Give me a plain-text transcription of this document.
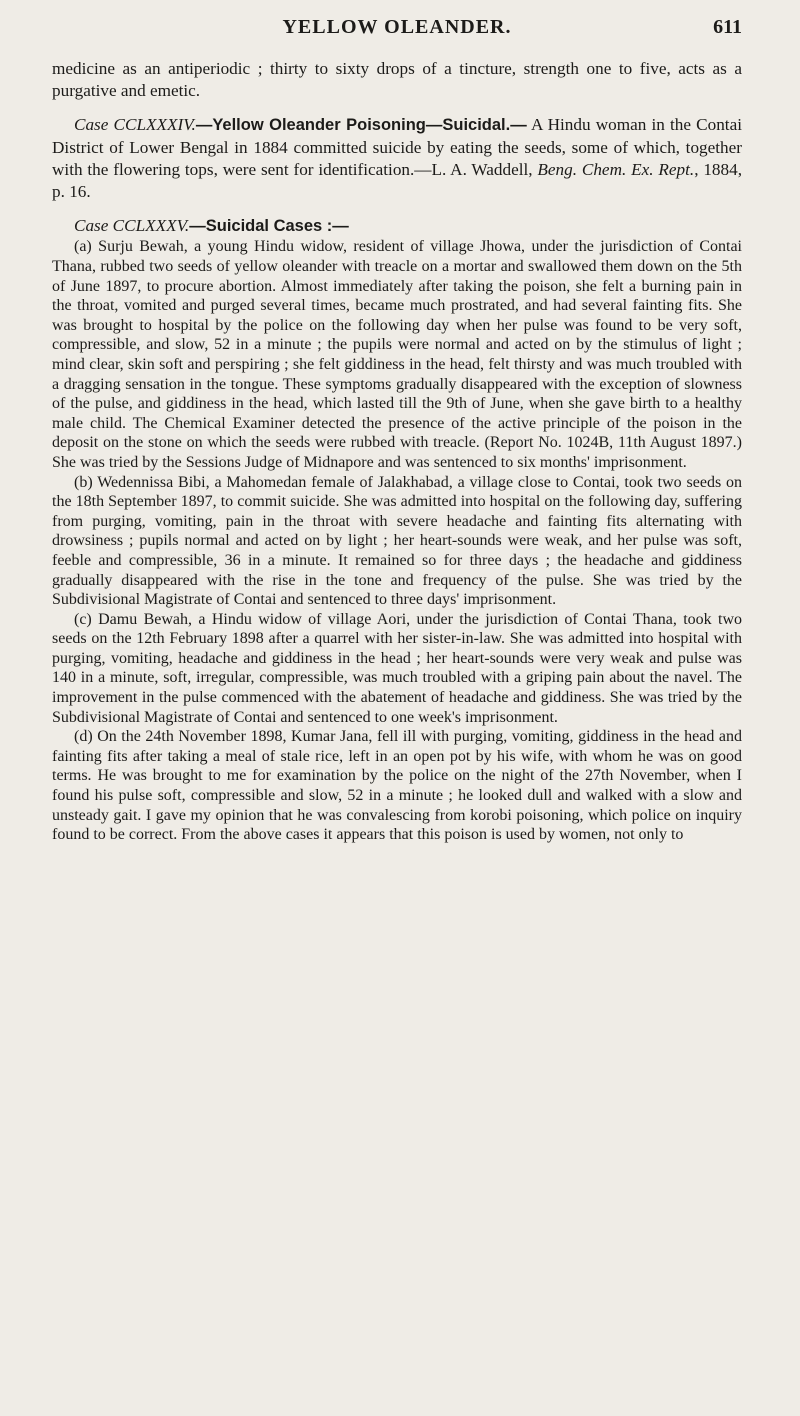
YELLOW OLEANDER.	611

medicine as an antiperiodic ; thirty to sixty drops of a tincture, strength one to five, acts as a purgative and emetic.

Case CCLXXXIV.—Yellow Oleander Poisoning—Suicidal.— A Hindu woman in the Contai District of Lower Bengal in 1884 committed suicide by eating the seeds, some of which, together with the flowering tops, were sent for identification.—L. A. Waddell, Beng. Chem. Ex. Rept., 1884, p. 16.

Case CCLXXXV.—Suicidal Cases :—

(a) Surju Bewah, a young Hindu widow, resident of village Jhowa, under the jurisdiction of Contai Thana, rubbed two seeds of yellow oleander with treacle on a mortar and swallowed them down on the 5th of June 1897, to procure abortion. Almost immediately after taking the poison, she felt a burning pain in the throat, vomited and purged several times, became much prostrated, and had several fainting fits. She was brought to hospital by the police on the following day when her pulse was found to be very soft, compressible, and slow, 52 in a minute ; the pupils were normal and acted on by the stimulus of light ; mind clear, skin soft and perspiring ; she felt giddiness in the head, felt thirsty and was much troubled with a dragging sensation in the tongue. These symptoms gradually disappeared with the exception of slowness of the pulse, and giddiness in the head, which lasted till the 9th of June, when she gave birth to a healthy male child. The Chemical Examiner detected the presence of the active principle of the poison in the deposit on the stone on which the seeds were rubbed with treacle. (Report No. 1024B, 11th August 1897.) She was tried by the Sessions Judge of Midnapore and was sentenced to six months' imprisonment.

(b) Wedennissa Bibi, a Mahomedan female of Jalakhabad, a village close to Contai, took two seeds on the 18th September 1897, to commit suicide. She was admitted into hospital on the following day, suffering from purging, vomiting, pain in the throat with severe headache and fainting fits alternating with drowsiness ; pupils normal and acted on by light ; her heart-sounds were weak, and her pulse was soft, feeble and compressible, 36 in a minute. It remained so for three days ; the headache and giddiness gradually disappeared with the rise in the tone and frequency of the pulse. She was tried by the Subdivisional Magistrate of Contai and sentenced to three days' imprisonment.

(c) Damu Bewah, a Hindu widow of village Aori, under the jurisdiction of Contai Thana, took two seeds on the 12th February 1898 after a quarrel with her sister-in-law. She was admitted into hospital with purging, vomiting, headache and giddiness in the head ; her heart-sounds were very weak and pulse was 140 in a minute, soft, irregular, compressible, was much troubled with a griping pain about the navel. The improvement in the pulse commenced with the abatement of headache and giddiness. She was tried by the Subdivisional Magistrate of Contai and sentenced to one week's imprisonment.

(d) On the 24th November 1898, Kumar Jana, fell ill with purging, vomiting, giddiness in the head and fainting fits after taking a meal of stale rice, left in an open pot by his wife, with whom he was on good terms. He was brought to me for examination by the police on the night of the 27th November, when I found his pulse soft, compressible and slow, 52 in a minute ; he looked dull and walked with a slow and unsteady gait. I gave my opinion that he was convalescing from korobi poisoning, which police on inquiry found to be correct. From the above cases it appears that this poison is used by women, not only to
